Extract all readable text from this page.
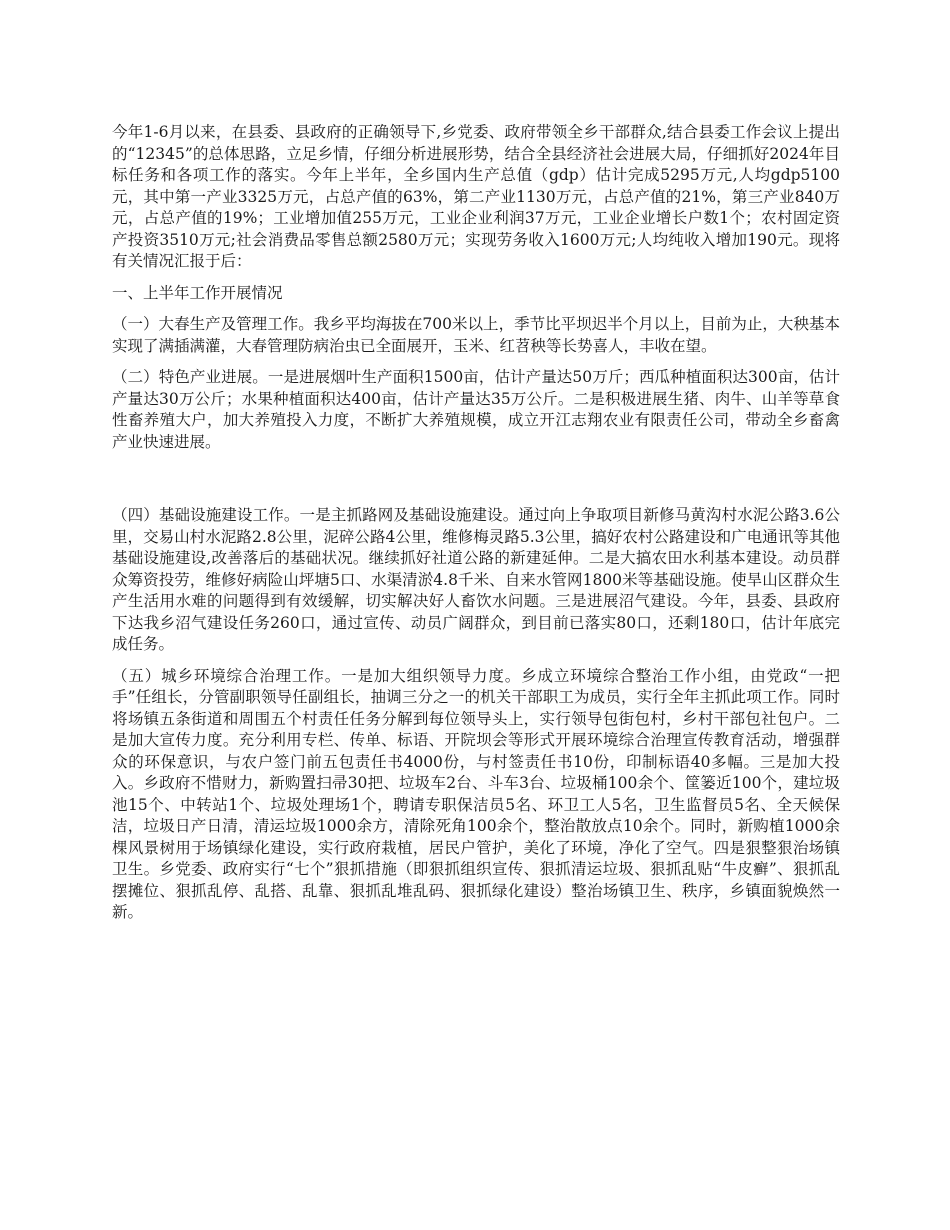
今年1-6月以来，在县委、县政府的正确领导下,乡党委、政府带领全乡干部群众,结合县委工作会议上提出的“12345”的总体思路，立足乡情，仔细分析进展形势，结合全县经济社会进展大局，仔细抓好2024年目标任务和各项工作的落实。今年上半年，全乡国内生产总值（gdp）估计完成5295万元,人均gdp5100元，其中第一产业3325万元，占总产值的63%，第二产业1130万元，占总产值的21%，第三产业840万元，占总产值的19%；工业增加值255万元，工业企业利润37万元，工业企业增长户数1个；农村固定资产投资3510万元;社会消费品零售总额2580万元；实现劳务收入1600万元;人均纯收入增加190元。现将有关情况汇报于后：

一、上半年工作开展情况

（一）大春生产及管理工作。我乡平均海拔在700米以上，季节比平坝迟半个月以上，目前为止，大秧基本实现了满插满灌，大春管理防病治虫已全面展开，玉米、红苕秧等长势喜人，丰收在望。

（二）特色产业进展。一是进展烟叶生产面积1500亩，估计产量达50万斤；西瓜种植面积达300亩，估计产量达30万公斤；水果种植面积达400亩，估计产量达35万公斤。二是积极进展生猪、肉牛、山羊等草食性畜养殖大户，加大养殖投入力度，不断扩大养殖规模，成立开江志翔农业有限责任公司，带动全乡畜禽产业快速进展。

（四）基础设施建设工作。一是主抓路网及基础设施建设。通过向上争取项目新修马黄沟村水泥公路3.6公里，交易山村水泥路2.8公里，泥碎公路4公里，维修梅灵路5.3公里，搞好农村公路建设和广电通讯等其他基础设施建设,改善落后的基础状况。继续抓好社道公路的新建延伸。二是大搞农田水利基本建设。动员群众筹资投劳，维修好病险山坪塘5口、水渠清淤4.8千米、自来水管网1800米等基础设施。使旱山区群众生产生活用水难的问题得到有效缓解，切实解决好人畜饮水问题。三是进展沼气建设。今年，县委、县政府下达我乡沼气建设任务260口，通过宣传、动员广阔群众，到目前已落实80口，还剩180口，估计年底完成任务。

（五）城乡环境综合治理工作。一是加大组织领导力度。乡成立环境综合整治工作小组，由党政“一把手”任组长，分管副职领导任副组长，抽调三分之一的机关干部职工为成员，实行全年主抓此项工作。同时将场镇五条街道和周围五个村责任任务分解到每位领导头上，实行领导包街包村，乡村干部包社包户。二是加大宣传力度。充分利用专栏、传单、标语、开院坝会等形式开展环境综合治理宣传教育活动，增强群众的环保意识，与农户签门前五包责任书4000份，与村签责任书10份，印制标语40多幅。三是加大投入。乡政府不惜财力，新购置扫帚30把、垃圾车2台、斗车3台、垃圾桶100余个、筐篓近100个，建垃圾池15个、中转站1个、垃圾处理场1个，聘请专职保洁员5名、环卫工人5名，卫生监督员5名、全天候保洁，垃圾日产日清，清运垃圾1000余方，清除死角100余个，整治散放点10余个。同时，新购植1000余棵风景树用于场镇绿化建设，实行政府栽植，居民户管护，美化了环境，净化了空气。四是狠整狠治场镇卫生。乡党委、政府实行“七个”狠抓措施（即狠抓组织宣传、狠抓清运垃圾、狠抓乱贴“牛皮癣”、狠抓乱摆摊位、狠抓乱停、乱搭、乱靠、狠抓乱堆乱码、狠抓绿化建设）整治场镇卫生、秩序，乡镇面貌焕然一新。
